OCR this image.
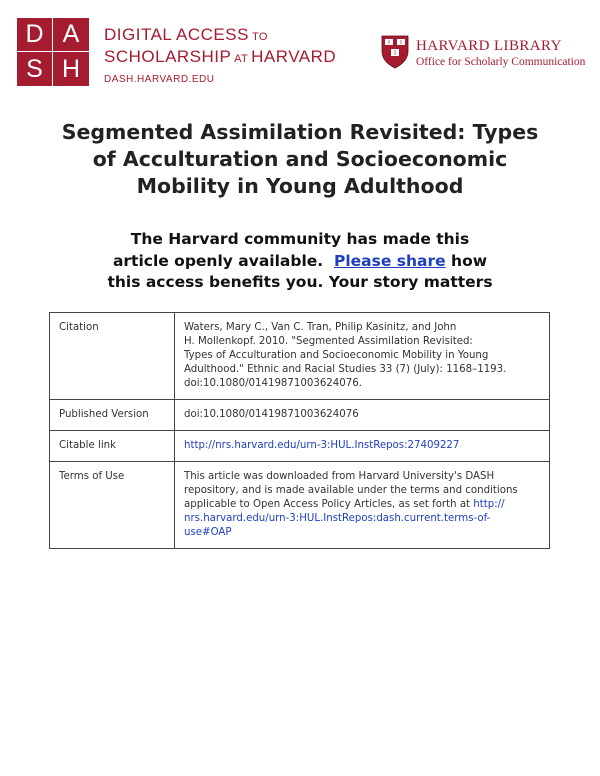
D A
S H
DIGITAL ACCESS TO
SCHOLARSHIP AT HARVARD
DASH.HARVARD.EDU
HARVARD LIBRARY
Office for Scholarly Communication
Segmented Assimilation Revisited: Types
of Acculturation and Socioeconomic
Mobility in Young Adulthood
The Harvard community has made this
article openly available. Please share how
this access benefits you. Your story matters
Citation	Waters, Mary C., Van C. Tran, Philip Kasinitz, and John
H. Mollenkopf. 2010. "Segmented Assimilation Revisited:
Types of Acculturation and Socioeconomic Mobility in Young
Adulthood." Ethnic and Racial Studies 33 (7) (July): 1168–1193.
doi:10.1080/01419871003624076.

Published Version	doi:10.1080/01419871003624076
Citable link	http://nrs.harvard.edu/urn-3:HUL.InstRepos:27409227
Terms of Use	This article was downloaded from Harvard University's DASH
repository, and is made available under the terms and conditions
applicable to Open Access Policy Articles, as set forth at http://
nrs.harvard.edu/urn-3:HUL.InstRepos:dash.current.terms-of-
use#OAP
